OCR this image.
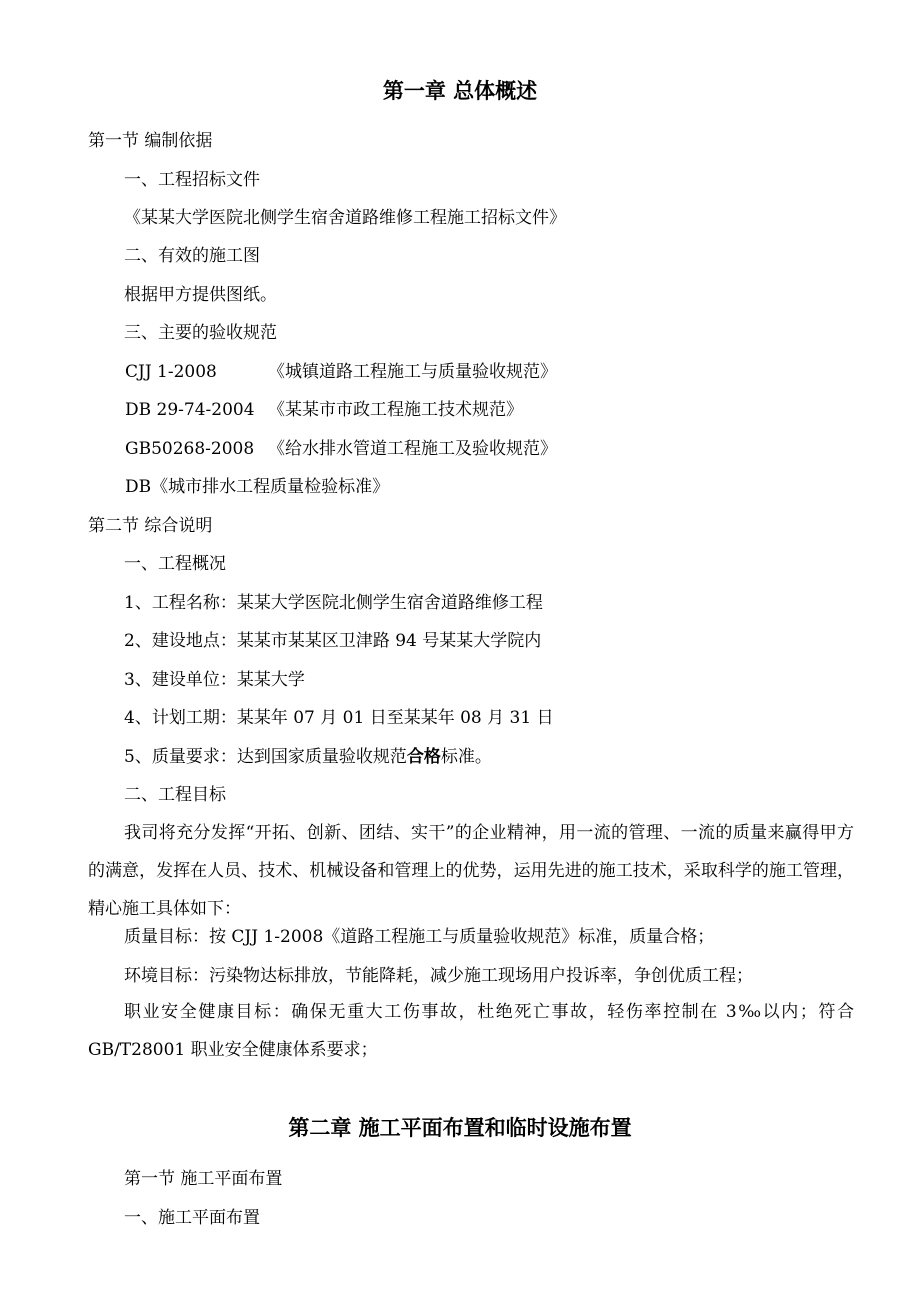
第一章 总体概述
第一节 编制依据
一、工程招标文件
《某某大学医院北侧学生宿舍道路维修工程施工招标文件》
二、有效的施工图
根据甲方提供图纸。
三、主要的验收规范
CJJ 1-2008	《城镇道路工程施工与质量验收规范》
DB 29-74-2004 《某某市市政工程施工技术规范》
GB50268-2008 《给水排水管道工程施工及验收规范》
DB《城市排水工程质量检验标准》
第二节 综合说明
一、工程概况
1、工程名称：某某大学医院北侧学生宿舍道路维修工程
2、建设地点：某某市某某区卫津路 94 号某某大学院内
3、建设单位：某某大学
4、计划工期：某某年 07 月 01 日至某某年 08 月 31 日
5、质量要求：达到国家质量验收规范合格标准。
二、工程目标
我司将充分发挥“开拓、创新、团结、实干”的企业精神，用一流的管理、一流的质量来赢得甲方的满意，发挥在人员、技术、机械设备和管理上的优势，运用先进的施工技术，采取科学的施工管理，精心施工具体如下：
质量目标：按 CJJ 1-2008《道路工程施工与质量验收规范》标准，质量合格；
环境目标：污染物达标排放，节能降耗，减少施工现场用户投诉率，争创优质工程；
职业安全健康目标：确保无重大工伤事故，杜绝死亡事故，轻伤率控制在 3‰以内；符合 GB/T28001 职业安全健康体系要求；
第二章 施工平面布置和临时设施布置
第一节 施工平面布置
一、施工平面布置
